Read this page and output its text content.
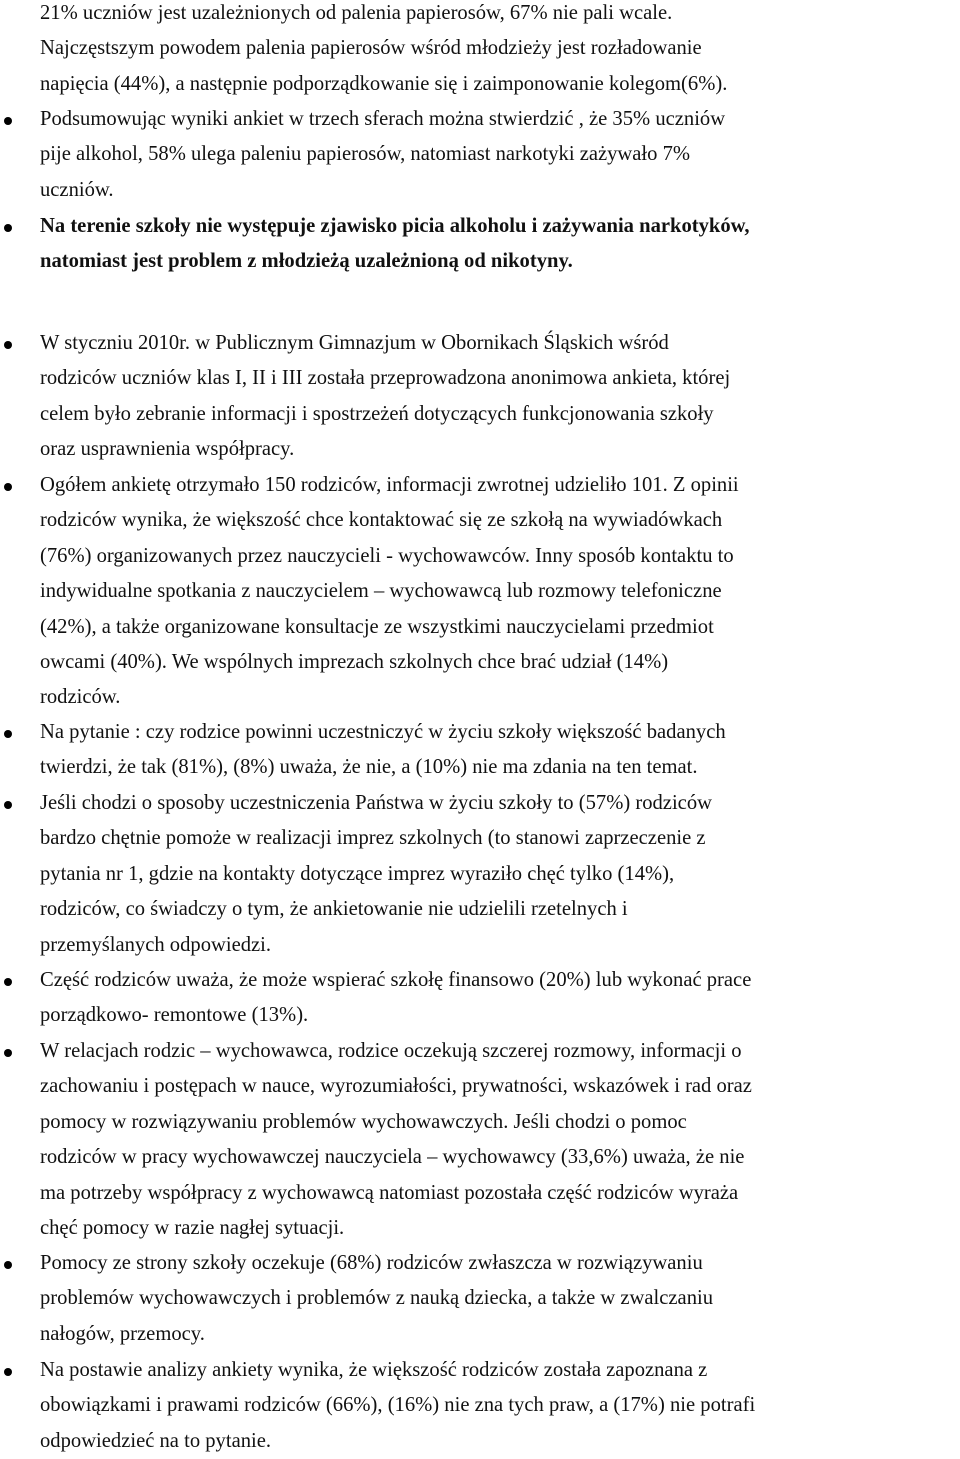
21% uczniów jest uzależnionych od palenia papierosów, 67% nie pali wcale.
Najczęstszym powodem palenia papierosów wśród młodzieży jest rozładowanie
napięcia (44%), a następnie podporządkowanie się i zaimponowanie kolegom(6%).
Podsumowując wyniki ankiet w trzech sferach można stwierdzić , że 35% uczniów
pije alkohol, 58% ulega paleniu papierosów, natomiast narkotyki zażywało 7%
uczniów.
Na terenie szkoły nie występuje zjawisko picia alkoholu i zażywania narkotyków,
natomiast jest problem z młodzieżą uzależnioną od nikotyny.
W styczniu 2010r. w Publicznym Gimnazjum w Obornikach Śląskich wśród
rodziców uczniów klas I, II i III została przeprowadzona anonimowa ankieta, której
celem było zebranie informacji i spostrzeżeń dotyczących funkcjonowania szkoły
oraz usprawnienia współpracy.
Ogółem ankietę otrzymało 150 rodziców, informacji zwrotnej udzieliło 101. Z opinii
rodziców wynika, że większość chce kontaktować się ze szkołą na wywiadówkach
(76%) organizowanych przez nauczycieli - wychowawców. Inny sposób kontaktu to
indywidualne spotkania z nauczycielem – wychowawcą lub rozmowy telefoniczne
(42%), a także organizowane konsultacje ze wszystkimi nauczycielami przedmiot
owcami (40%). We wspólnych imprezach szkolnych chce brać udział (14%)
rodziców.
Na pytanie : czy rodzice powinni uczestniczyć w życiu szkoły większość badanych
twierdzi, że tak (81%), (8%) uważa, że nie, a (10%) nie ma zdania na ten temat.
Jeśli chodzi o sposoby uczestniczenia Państwa w życiu szkoły to (57%) rodziców
bardzo chętnie pomoże w realizacji imprez szkolnych (to stanowi zaprzeczenie z
pytania nr 1, gdzie na kontakty dotyczące imprez wyraziło chęć tylko (14%),
rodziców, co świadczy o tym, że ankietowanie nie udzielili rzetelnych i
przemyślanych odpowiedzi.
Część rodziców uważa, że może wspierać szkołę finansowo (20%) lub wykonać prace
porządkowo- remontowe (13%).
W relacjach rodzic – wychowawca, rodzice oczekują szczerej rozmowy, informacji o
zachowaniu i postępach w nauce, wyrozumiałości, prywatności, wskazówek i rad oraz
pomocy w rozwiązywaniu problemów wychowawczych. Jeśli chodzi o pomoc
rodziców w pracy wychowawczej nauczyciela – wychowawcy (33,6%) uważa, że nie
ma potrzeby współpracy z wychowawcą natomiast pozostała część rodziców wyraża
chęć pomocy w razie nagłej sytuacji.
Pomocy ze strony szkoły oczekuje (68%) rodziców zwłaszcza w rozwiązywaniu
problemów wychowawczych i problemów z nauką dziecka, a także w zwalczaniu
nałogów, przemocy.
Na postawie analizy ankiety wynika, że większość rodziców została zapoznana z
obowiązkami i prawami rodziców (66%), (16%) nie zna tych praw, a (17%) nie potrafi
odpowiedzieć na to pytanie.
